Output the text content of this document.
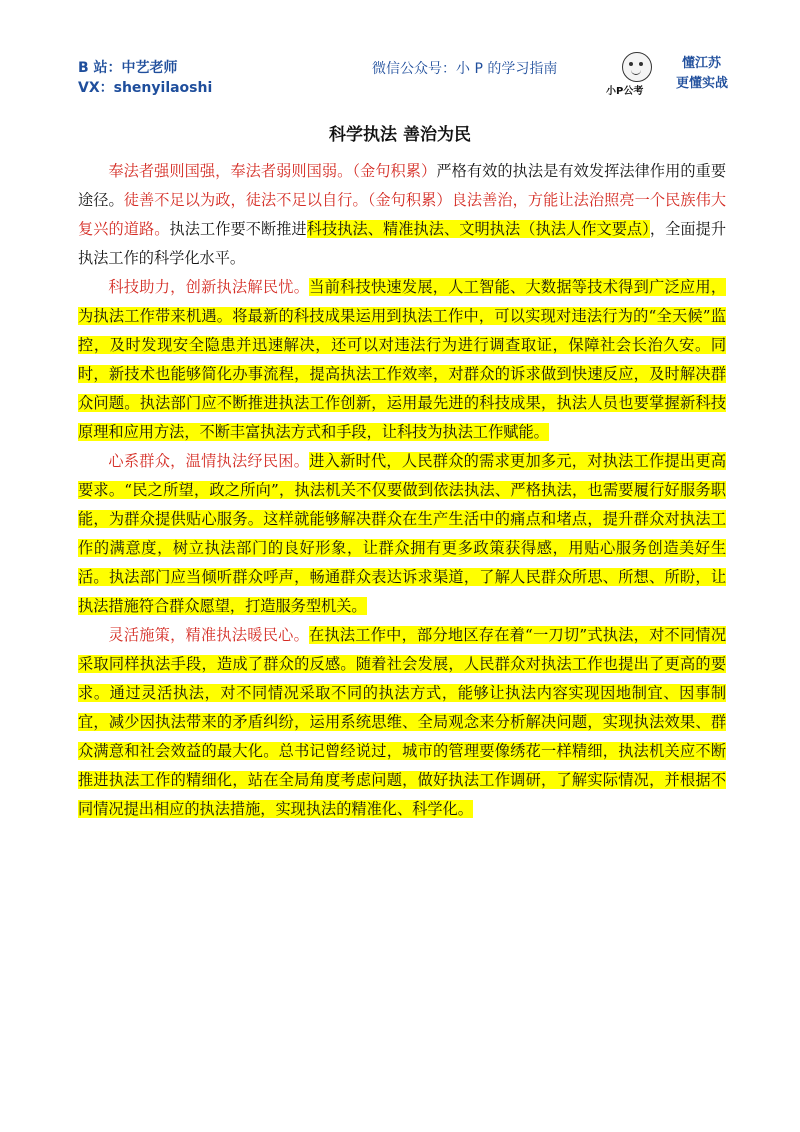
B 站：中艺老师
VX：shenyilaoshi
微信公众号：小 P 的学习指南
小P公考
懂江苏
更懂实战
科学执法 善治为民

奉法者强则国强，奉法者弱则国弱。（金句积累）严格有效的执法是有效发挥法律作用的重要途径。徒善不足以为政，徒法不足以自行。（金句积累）良法善治，方能让法治照亮一个民族伟大复兴的道路。执法工作要不断推进科技执法、精准执法、文明执法（执法人作文要点），全面提升执法工作的科学化水平。

科技助力，创新执法解民忧。当前科技快速发展，人工智能、大数据等技术得到广泛应用，为执法工作带来机遇。将最新的科技成果运用到执法工作中，可以实现对违法行为的“全天候”监控，及时发现安全隐患并迅速解决，还可以对违法行为进行调查取证，保障社会长治久安。同时，新技术也能够简化办事流程，提高执法工作效率，对群众的诉求做到快速反应，及时解决群众问题。执法部门应不断推进执法工作创新，运用最先进的科技成果，执法人员也要掌握新科技原理和应用方法，不断丰富执法方式和手段，让科技为执法工作赋能。

心系群众，温情执法纾民困。进入新时代，人民群众的需求更加多元，对执法工作提出更高要求。“民之所望，政之所向”，执法机关不仅要做到依法执法、严格执法，也需要履行好服务职能，为群众提供贴心服务。这样就能够解决群众在生产生活中的痛点和堵点，提升群众对执法工作的满意度，树立执法部门的良好形象，让群众拥有更多政策获得感，用贴心服务创造美好生活。执法部门应当倾听群众呼声，畅通群众表达诉求渠道，了解人民群众所思、所想、所盼，让执法措施符合群众愿望，打造服务型机关。

灵活施策，精准执法暖民心。在执法工作中，部分地区存在着“一刀切”式执法，对不同情况采取同样执法手段，造成了群众的反感。随着社会发展，人民群众对执法工作也提出了更高的要求。通过灵活执法，对不同情况采取不同的执法方式，能够让执法内容实现因地制宜、因事制宜，减少因执法带来的矛盾纠纷，运用系统思维、全局观念来分析解决问题，实现执法效果、群众满意和社会效益的最大化。总书记曾经说过，城市的管理要像绣花一样精细，执法机关应不断推进执法工作的精细化，站在全局角度考虑问题，做好执法工作调研，了解实际情况，并根据不同情况提出相应的执法措施，实现执法的精准化、科学化。
